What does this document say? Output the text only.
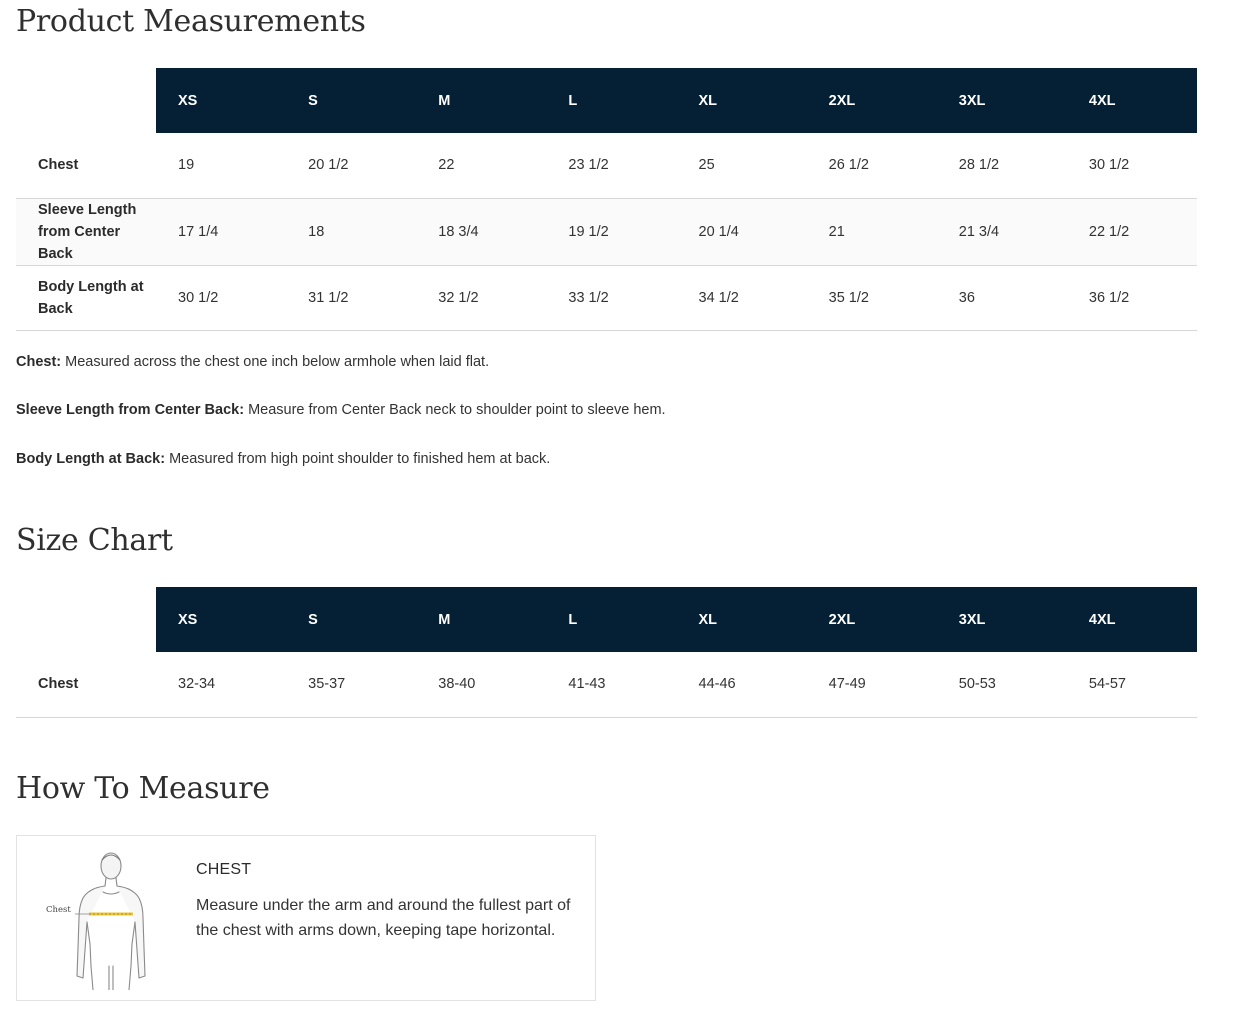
Product Measurements
	XS	S	M	L	XL	2XL	3XL	4XL
Chest	19	20 1/2	22	23 1/2	25	26 1/2	28 1/2	30 1/2
Sleeve Length from Center Back	17 1/4	18	18 3/4	19 1/2	20 1/4	21	21 3/4	22 1/2
Body Length at Back	30 1/2	31 1/2	32 1/2	33 1/2	34 1/2	35 1/2	36	36 1/2

Chest: Measured across the chest one inch below armhole when laid flat.

Sleeve Length from Center Back: Measure from Center Back neck to shoulder point to sleeve hem.

Body Length at Back: Measured from high point shoulder to finished hem at back.

Size Chart
	XS	S	M	L	XL	2XL	3XL	4XL
Chest	32-34	35-37	38-40	41-43	44-46	47-49	50-53	54-57
How To Measure
Chest
CHEST
Measure under the arm and around the fullest part of the chest with arms down, keeping tape horizontal.
